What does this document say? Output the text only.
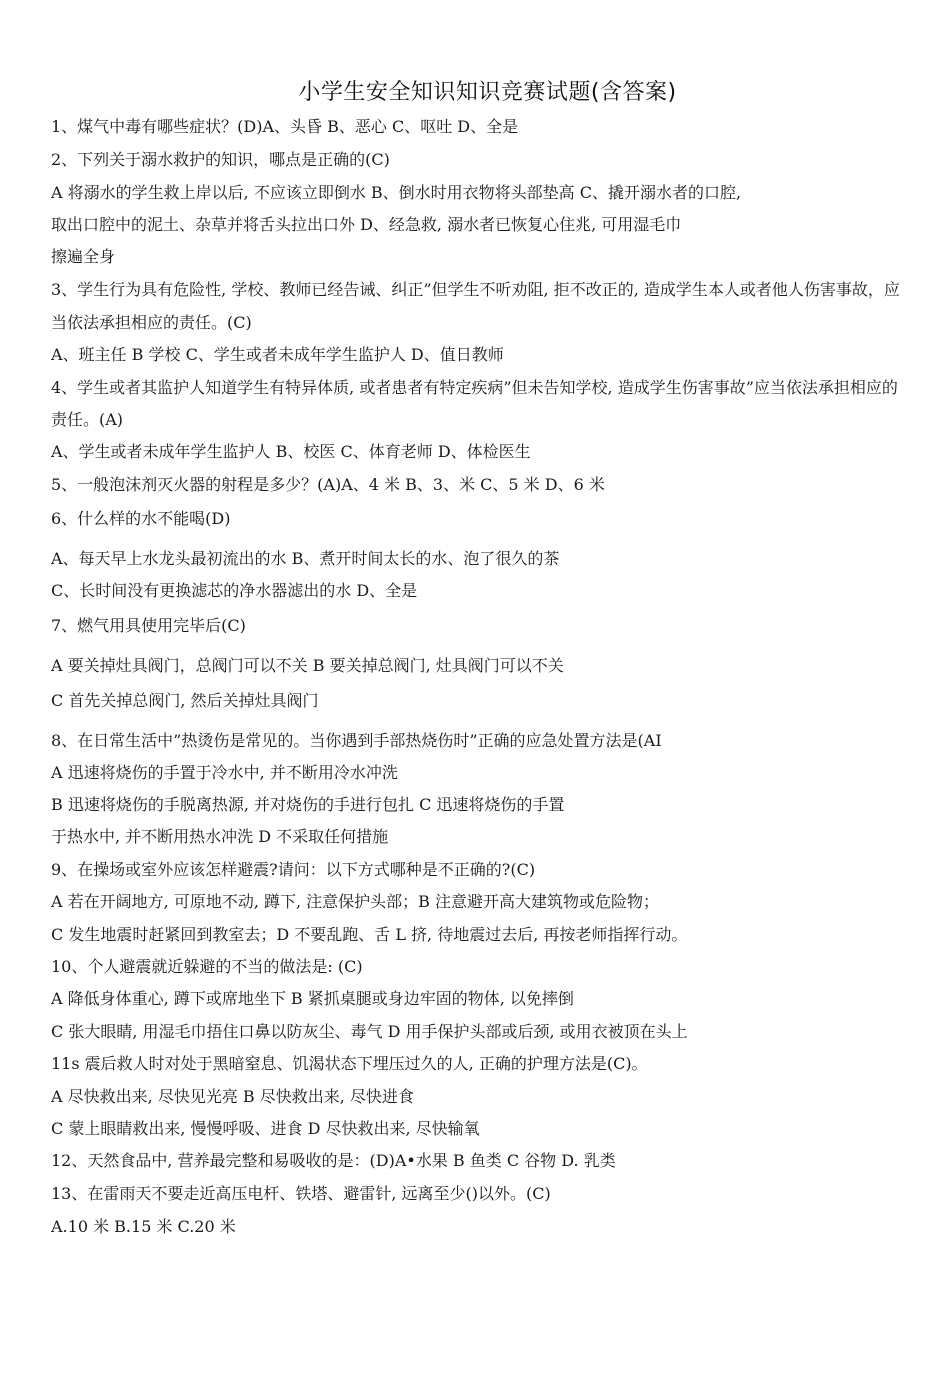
小学生安全知识知识竞赛试题(含答案)
1、煤气中毒有哪些症状？(D)A、头昏 B、恶心 C、呕吐 D、全是
2、下列关于溺水救护的知识，哪点是正确的(C)
A 将溺水的学生救上岸以后, 不应该立即倒水 B、倒水时用衣物将头部垫高 C、撬开溺水者的口腔,
取出口腔中的泥土、杂草并将舌头拉出口外 D、经急救, 溺水者已恢复心住兆, 可用湿毛巾
擦遍全身
3、学生行为具有危险性, 学校、教师已经告诫、纠正”但学生不听劝阻, 拒不改正的, 造成学生本人或者他人伤害事故，应
当依法承担相应的责任。(C)
A、班主任 B 学校 C、学生或者未成年学生监护人 D、值日教师
4、学生或者其监护人知道学生有特异体质, 或者患者有特定疾病”但未告知学校, 造成学生伤害事故”应当依法承担相应的
责任。(A)
A、学生或者未成年学生监护人 B、校医 C、体育老师 D、体检医生
5、一般泡沫剂灭火器的射程是多少？(A)A、4 米 B、3、米 C、5 米 D、6 米
6、什么样的水不能喝(D)
A、每天早上水龙头最初流出的水 B、煮开时间太长的水、泡了很久的茶
C、长时间没有更换滤芯的净水器滤出的水 D、全是
7、燃气用具使用完毕后(C)
A 要关掉灶具阀门，总阀门可以不关 B 要关掉总阀门, 灶具阀门可以不关
C 首先关掉总阀门, 然后关掉灶具阀门
8、在日常生活中”热烫伤是常见的。当你遇到手部热烧伤时”正确的应急处置方法是(AI
A 迅速将烧伤的手置于冷水中, 并不断用冷水冲洗
B 迅速将烧伤的手脱离热源, 并对烧伤的手进行包扎 C 迅速将烧伤的手置
于热水中, 并不断用热水冲洗 D 不采取任何措施
9、在操场或室外应该怎样避震?请问：以下方式哪种是不正确的?(C)
A 若在开阔地方, 可原地不动, 蹲下, 注意保护头部；B 注意避开高大建筑物或危险物；
C 发生地震时赶紧回到教室去；D 不要乱跑、舌 L 挤, 待地震过去后, 再按老师指挥行动。
10、个人避震就近躲避的不当的做法是: (C)
A 降低身体重心, 蹲下或席地坐下 B 紧抓桌腿或身边牢固的物体, 以免摔倒
C 张大眼睛, 用湿毛巾捂住口鼻以防灰尘、毒气 D 用手保护头部或后颈, 或用衣被顶在头上
11s 震后救人时对处于黑暗窒息、饥渴状态下埋压过久的人, 正确的护理方法是(C)。
A 尽快救出来, 尽快见光亮 B 尽快救出来, 尽快进食
C 蒙上眼睛救出来, 慢慢呼吸、进食 D 尽快救出来, 尽快输氧
12、天然食品中, 营养最完整和易吸收的是：(D)A•水果 B 鱼类 C 谷物 D. 乳类
13、在雷雨天不要走近高压电杆、铁塔、避雷针, 远离至少()以外。(C)
A.10 米 B.15 米 C.20 米
